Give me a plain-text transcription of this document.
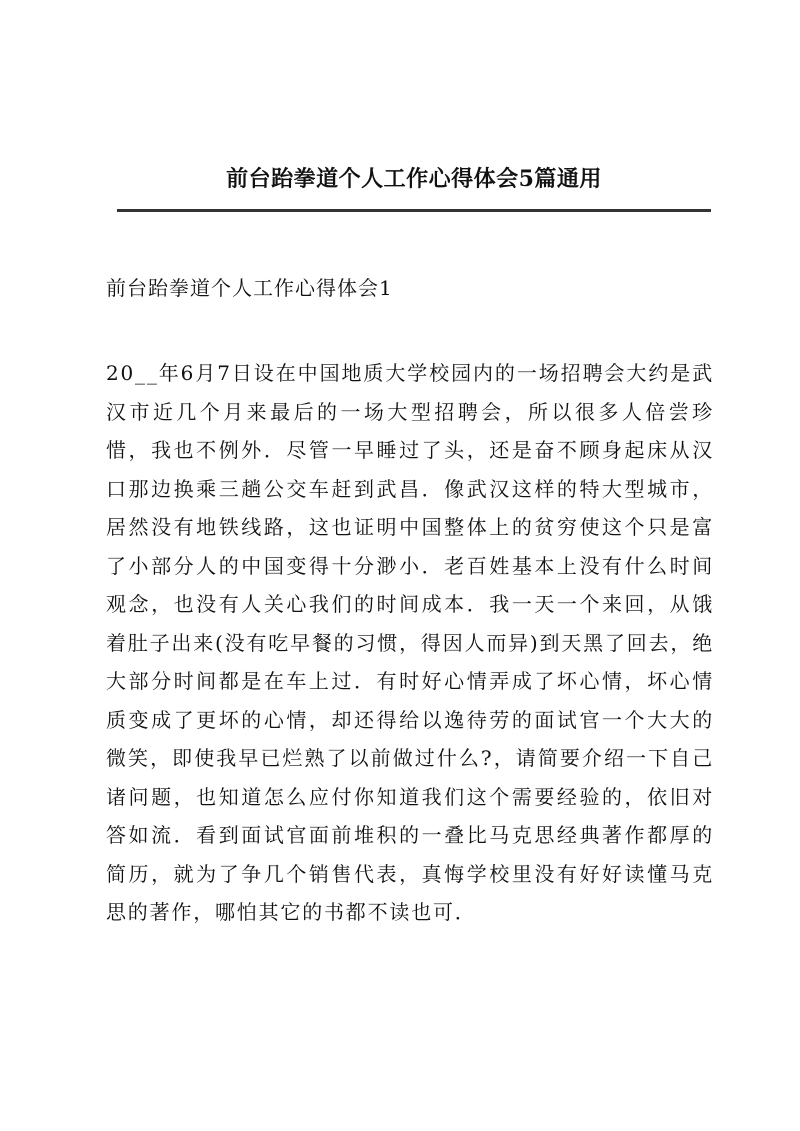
前台跆拳道个人工作心得体会5篇通用
前台跆拳道个人工作心得体会1

20__年6月7日设在中国地质大学校园内的一场招聘会大约是武汉市近几个月来最后的一场大型招聘会，所以很多人倍尝珍惜，我也不例外．尽管一早睡过了头，还是奋不顾身起床从汉口那边换乘三趟公交车赶到武昌．像武汉这样的特大型城市，居然没有地铁线路，这也证明中国整体上的贫穷使这个只是富了小部分人的中国变得十分渺小．老百姓基本上没有什么时间观念，也没有人关心我们的时间成本．我一天一个来回，从饿着肚子出来(没有吃早餐的习惯，得因人而异)到天黑了回去，绝大部分时间都是在车上过．有时好心情弄成了坏心情，坏心情质变成了更坏的心情，却还得给以逸待劳的面试官一个大大的微笑，即使我早已烂熟了以前做过什么?，请简要介绍一下自己诸问题，也知道怎么应付你知道我们这个需要经验的，依旧对答如流．看到面试官面前堆积的一叠比马克思经典著作都厚的简历，就为了争几个销售代表，真悔学校里没有好好读懂马克思的著作，哪怕其它的书都不读也可．
